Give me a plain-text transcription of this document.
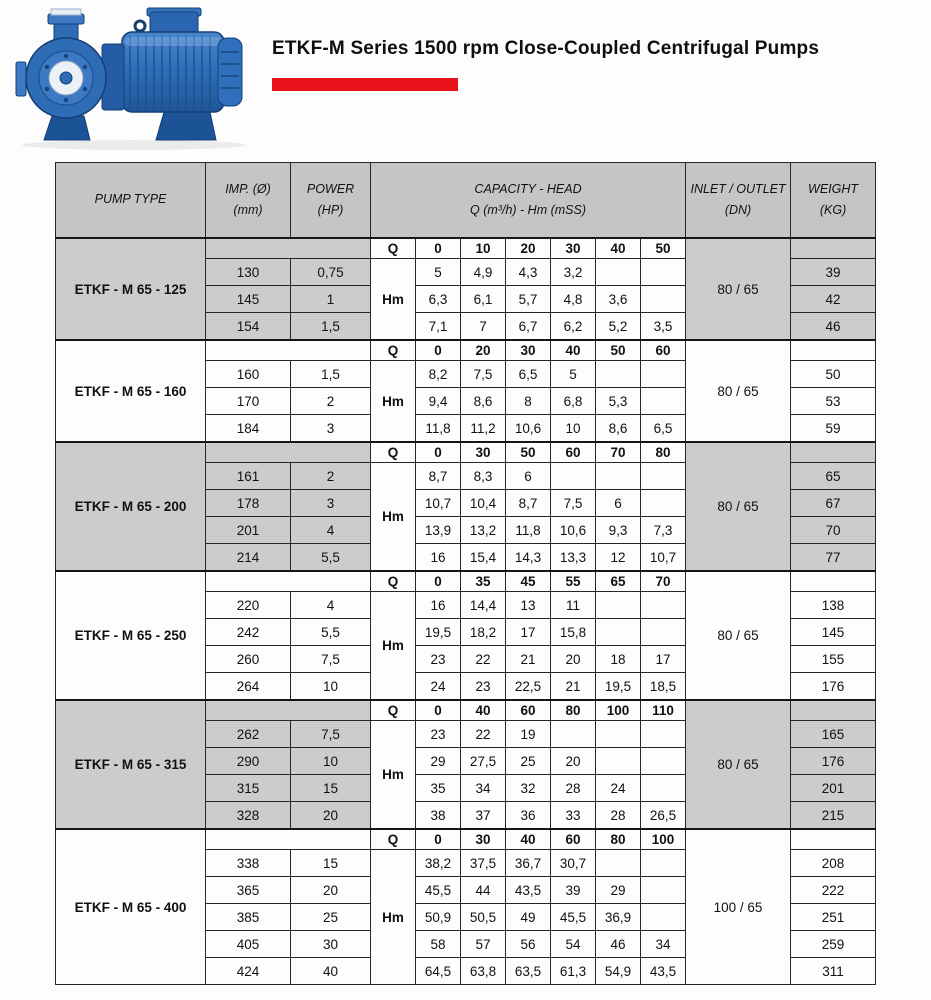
ETKF-M Series 1500 rpm Close-Coupled Centrifugal Pumps
PUMP TYPE

IMP. (Ø)
(mm)

POWER
(HP)

CAPACITY - HEAD
Q (m³/h) - Hm (mSS)

INLET / OUTLET
(DN)

WEIGHT
(KG)

ETKF - M 65 - 125			Q	0	10	20	30	40	50	80 / 65	
	130	0,75	Hm	5	4,9	4,3	3,2				39
	145	1		6,3	6,1	5,7	4,8	3,6			42
	154	1,5		7,1	7	6,7	6,2	5,2	3,5		46
ETKF - M 65 - 160			Q	0	20	30	40	50	60	80 / 65	
	160	1,5	Hm	8,2	7,5	6,5	5				50
	170	2		9,4	8,6	8	6,8	5,3			53
	184	3		11,8	11,2	10,6	10	8,6	6,5		59
ETKF - M 65 - 200			Q	0	30	50	60	70	80	80 / 65	
	161	2	Hm	8,7	8,3	6					65
	178	3		10,7	10,4	8,7	7,5	6			67
	201	4		13,9	13,2	11,8	10,6	9,3	7,3		70
	214	5,5		16	15,4	14,3	13,3	12	10,7		77
ETKF - M 65 - 250			Q	0	35	45	55	65	70	80 / 65	
	220	4	Hm	16	14,4	13	11				138
	242	5,5		19,5	18,2	17	15,8				145
	260	7,5		23	22	21	20	18	17		155
	264	10		24	23	22,5	21	19,5	18,5		176
ETKF - M 65 - 315			Q	0	40	60	80	100	110	80 / 65	
	262	7,5	Hm	23	22	19					165
	290	10		29	27,5	25	20				176
	315	15		35	34	32	28	24			201
	328	20		38	37	36	33	28	26,5		215
ETKF - M 65 - 400			Q	0	30	40	60	80	100	100 / 65	
	338	15	Hm	38,2	37,5	36,7	30,7				208
	365	20		45,5	44	43,5	39	29			222
	385	25		50,9	50,5	49	45,5	36,9			251
	405	30		58	57	56	54	46	34		259
	424	40		64,5	63,8	63,5	61,3	54,9	43,5		311
